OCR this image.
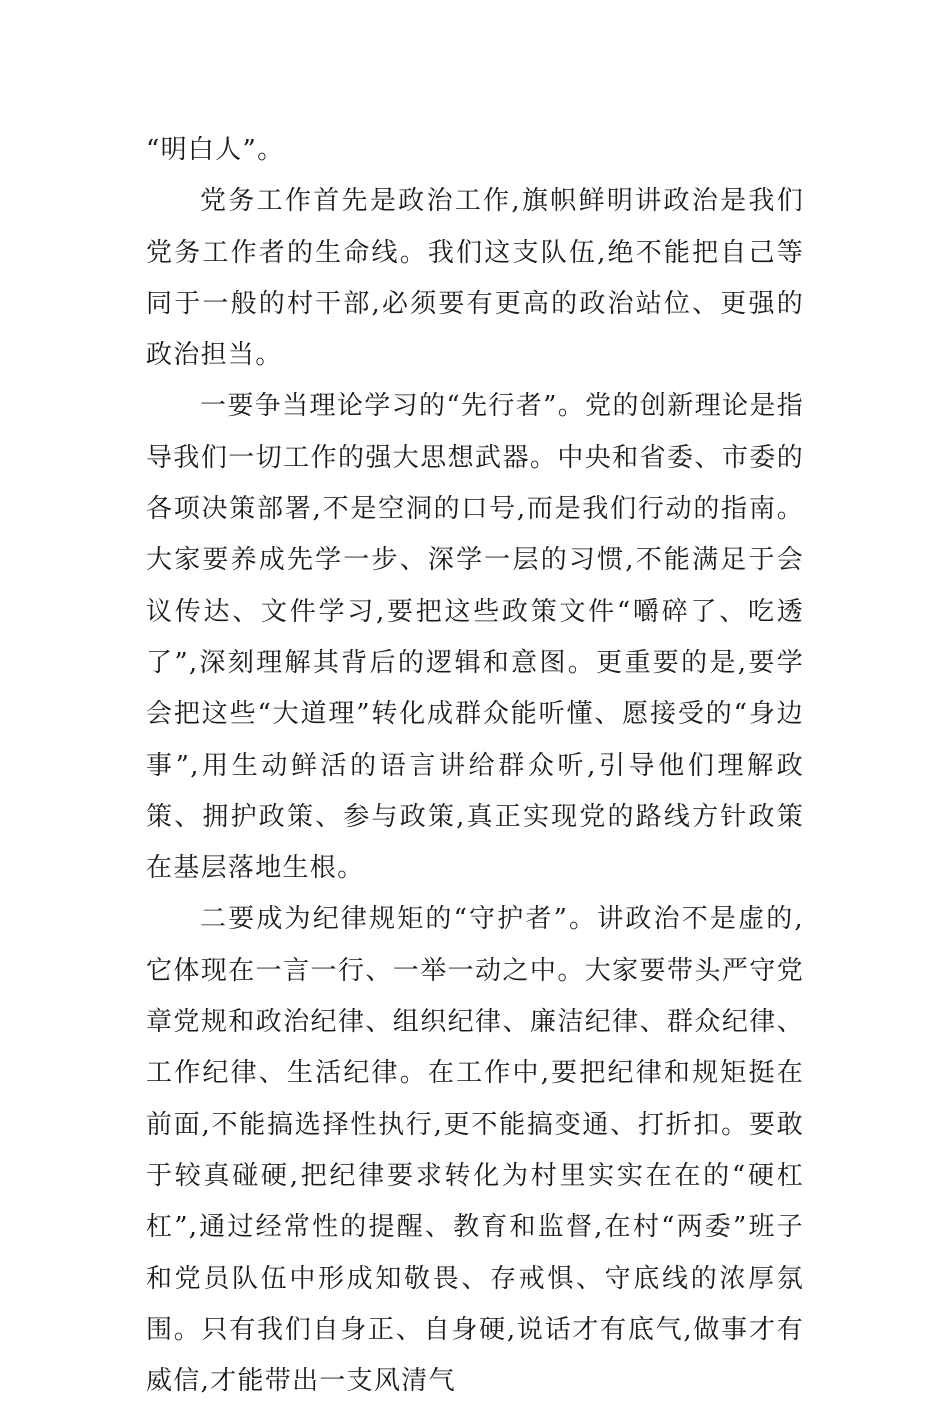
“明白人”。

党务工作首先是政治工作,旗帜鲜明讲政治是我们党务工作者的生命线。我们这支队伍,绝不能把自己等同于一般的村干部,必须要有更高的政治站位、更强的政治担当。

一要争当理论学习的“先行者”。党的创新理论是指导我们一切工作的强大思想武器。中央和省委、市委的各项决策部署,不是空洞的口号,而是我们行动的指南。大家要养成先学一步、深学一层的习惯,不能满足于会议传达、文件学习,要把这些政策文件“嚼碎了、吃透了”,深刻理解其背后的逻辑和意图。更重要的是,要学会把这些“大道理”转化成群众能听懂、愿接受的“身边事”,用生动鲜活的语言讲给群众听,引导他们理解政策、拥护政策、参与政策,真正实现党的路线方针政策在基层落地生根。

二要成为纪律规矩的“守护者”。讲政治不是虚的,它体现在一言一行、一举一动之中。大家要带头严守党章党规和政治纪律、组织纪律、廉洁纪律、群众纪律、工作纪律、生活纪律。在工作中,要把纪律和规矩挺在前面,不能搞选择性执行,更不能搞变通、打折扣。要敢于较真碰硬,把纪律要求转化为村里实实在在的“硬杠杠”,通过经常性的提醒、教育和监督,在村“两委”班子和党员队伍中形成知敬畏、存戒惧、守底线的浓厚氛围。只有我们自身正、自身硬,说话才有底气,做事才有威信,才能带出一支风清气
